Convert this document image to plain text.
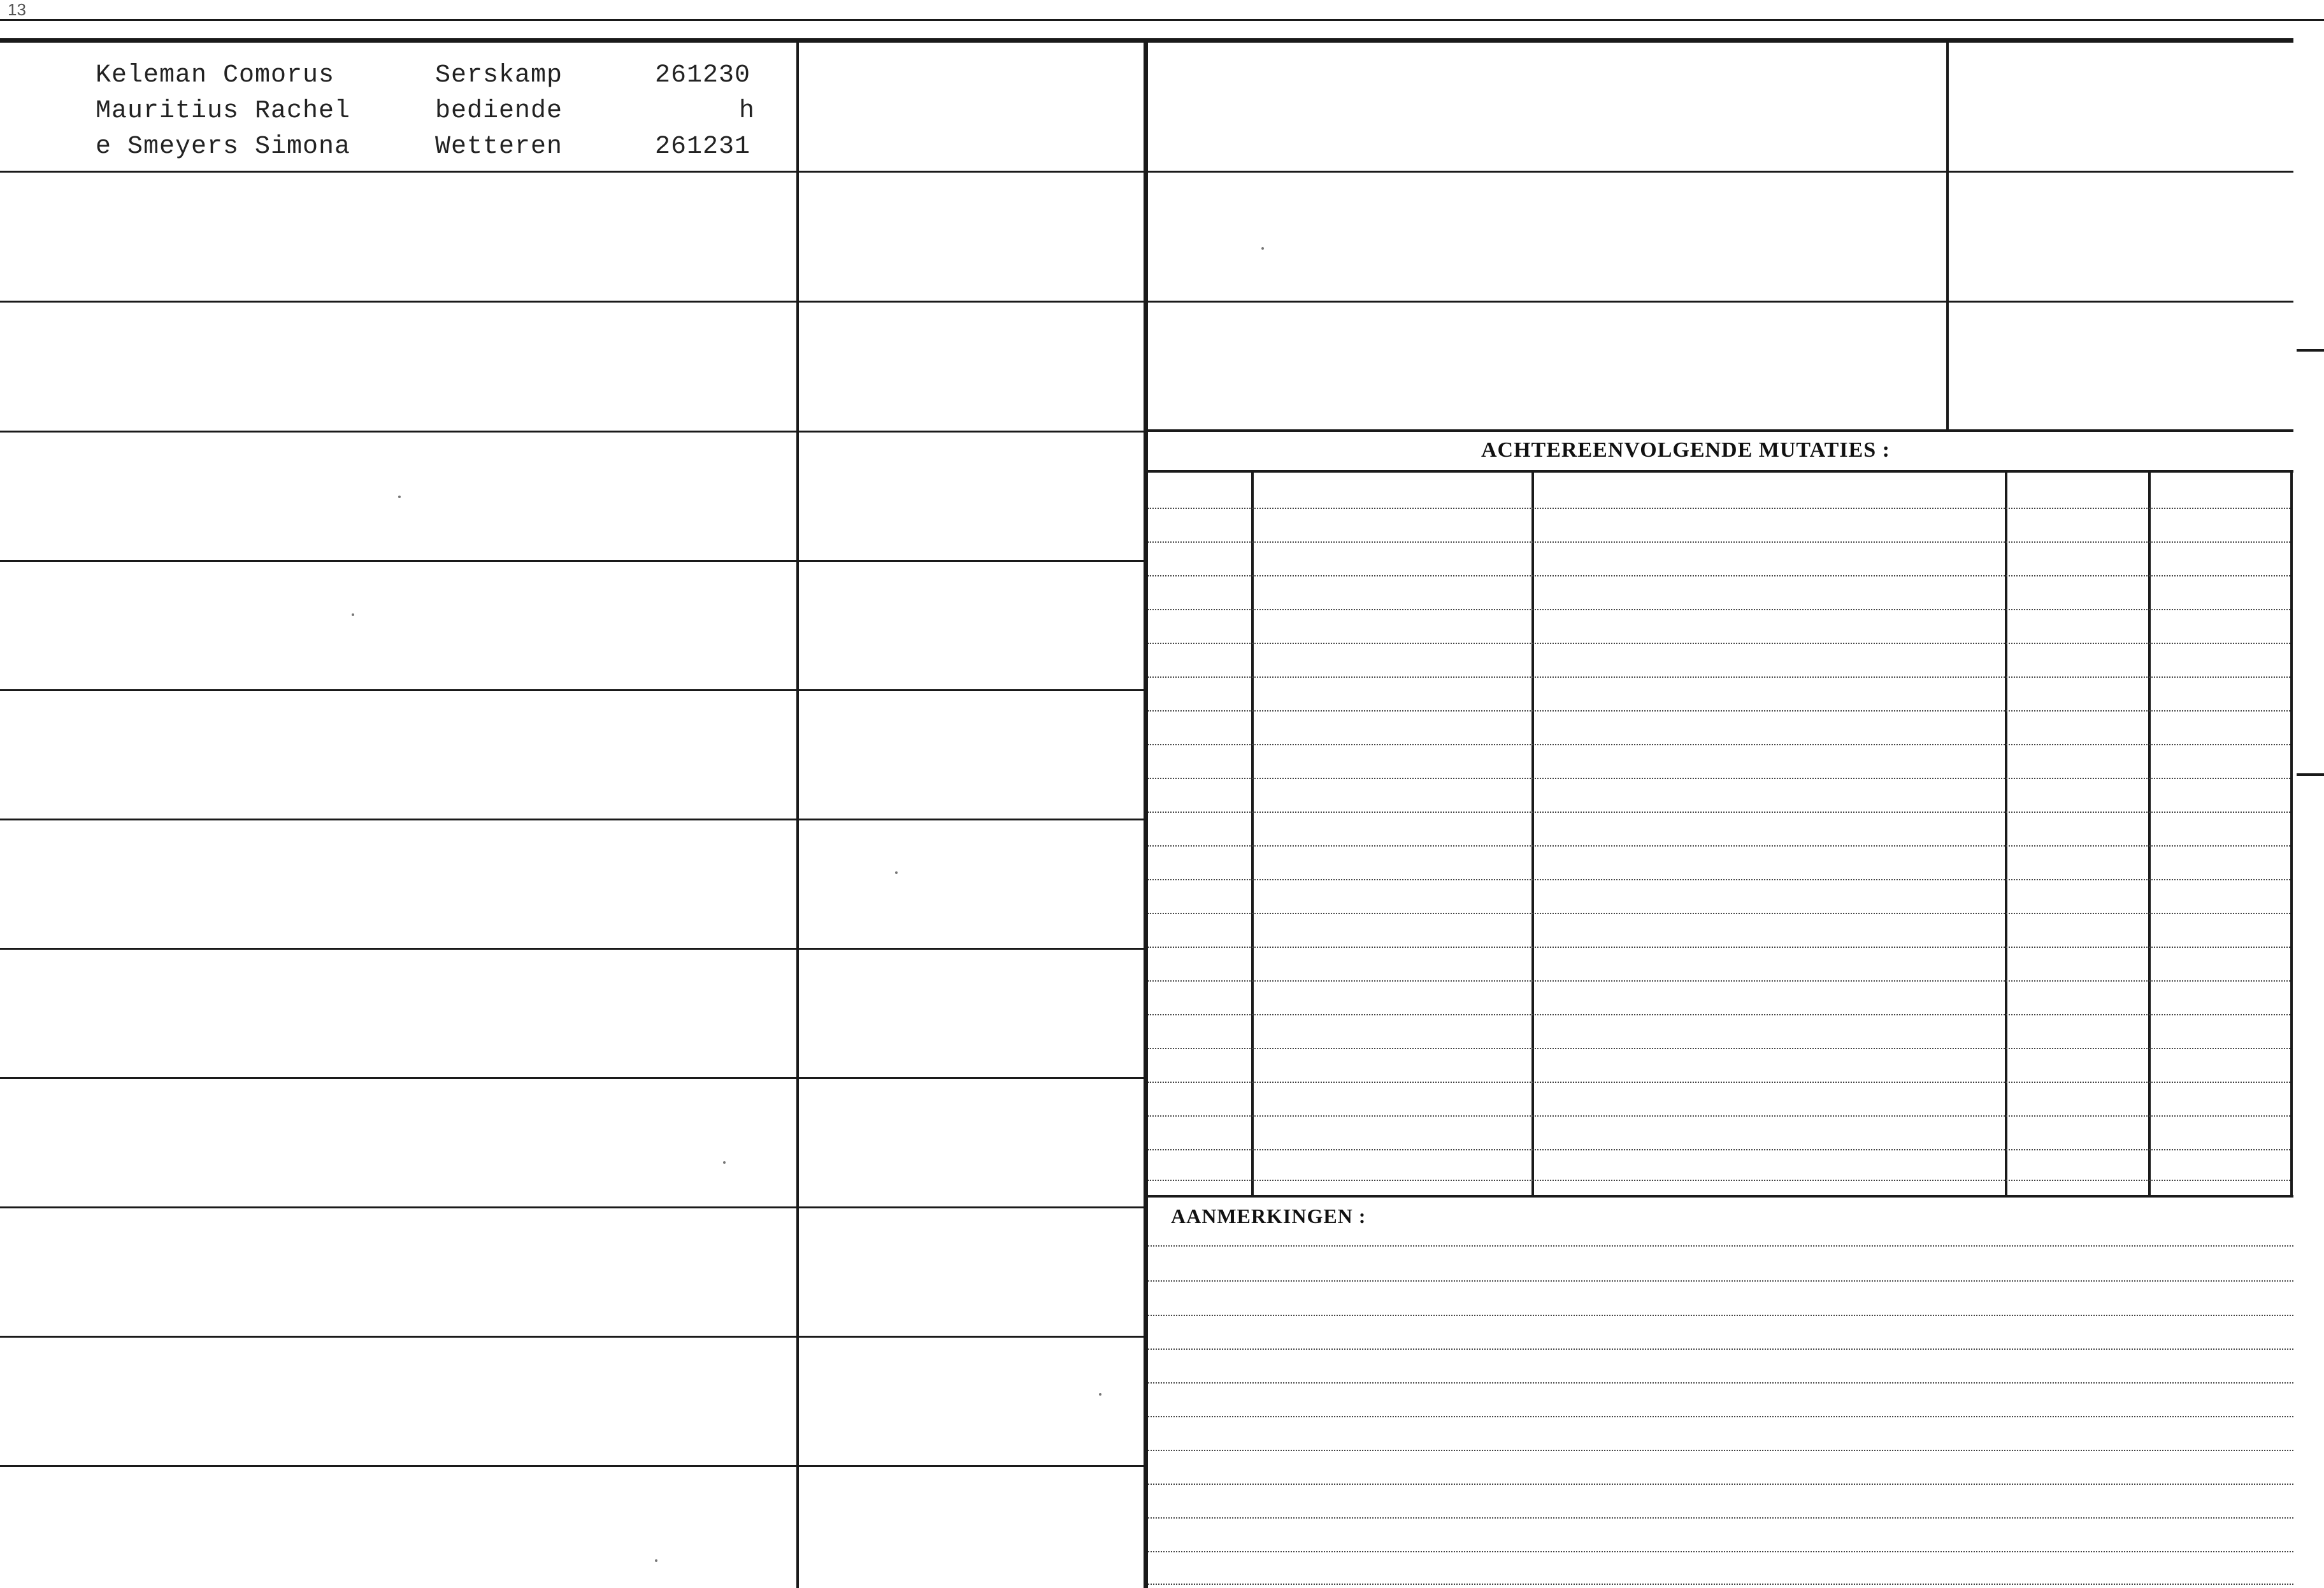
13
Keleman Comorus
Mauritius Rachel
e Smeyers Simona
Serskamp
bediende
Wetteren
261230
h
261231
ACHTEREENVOLGENDE MUTATIES :
AANMERKINGEN :
